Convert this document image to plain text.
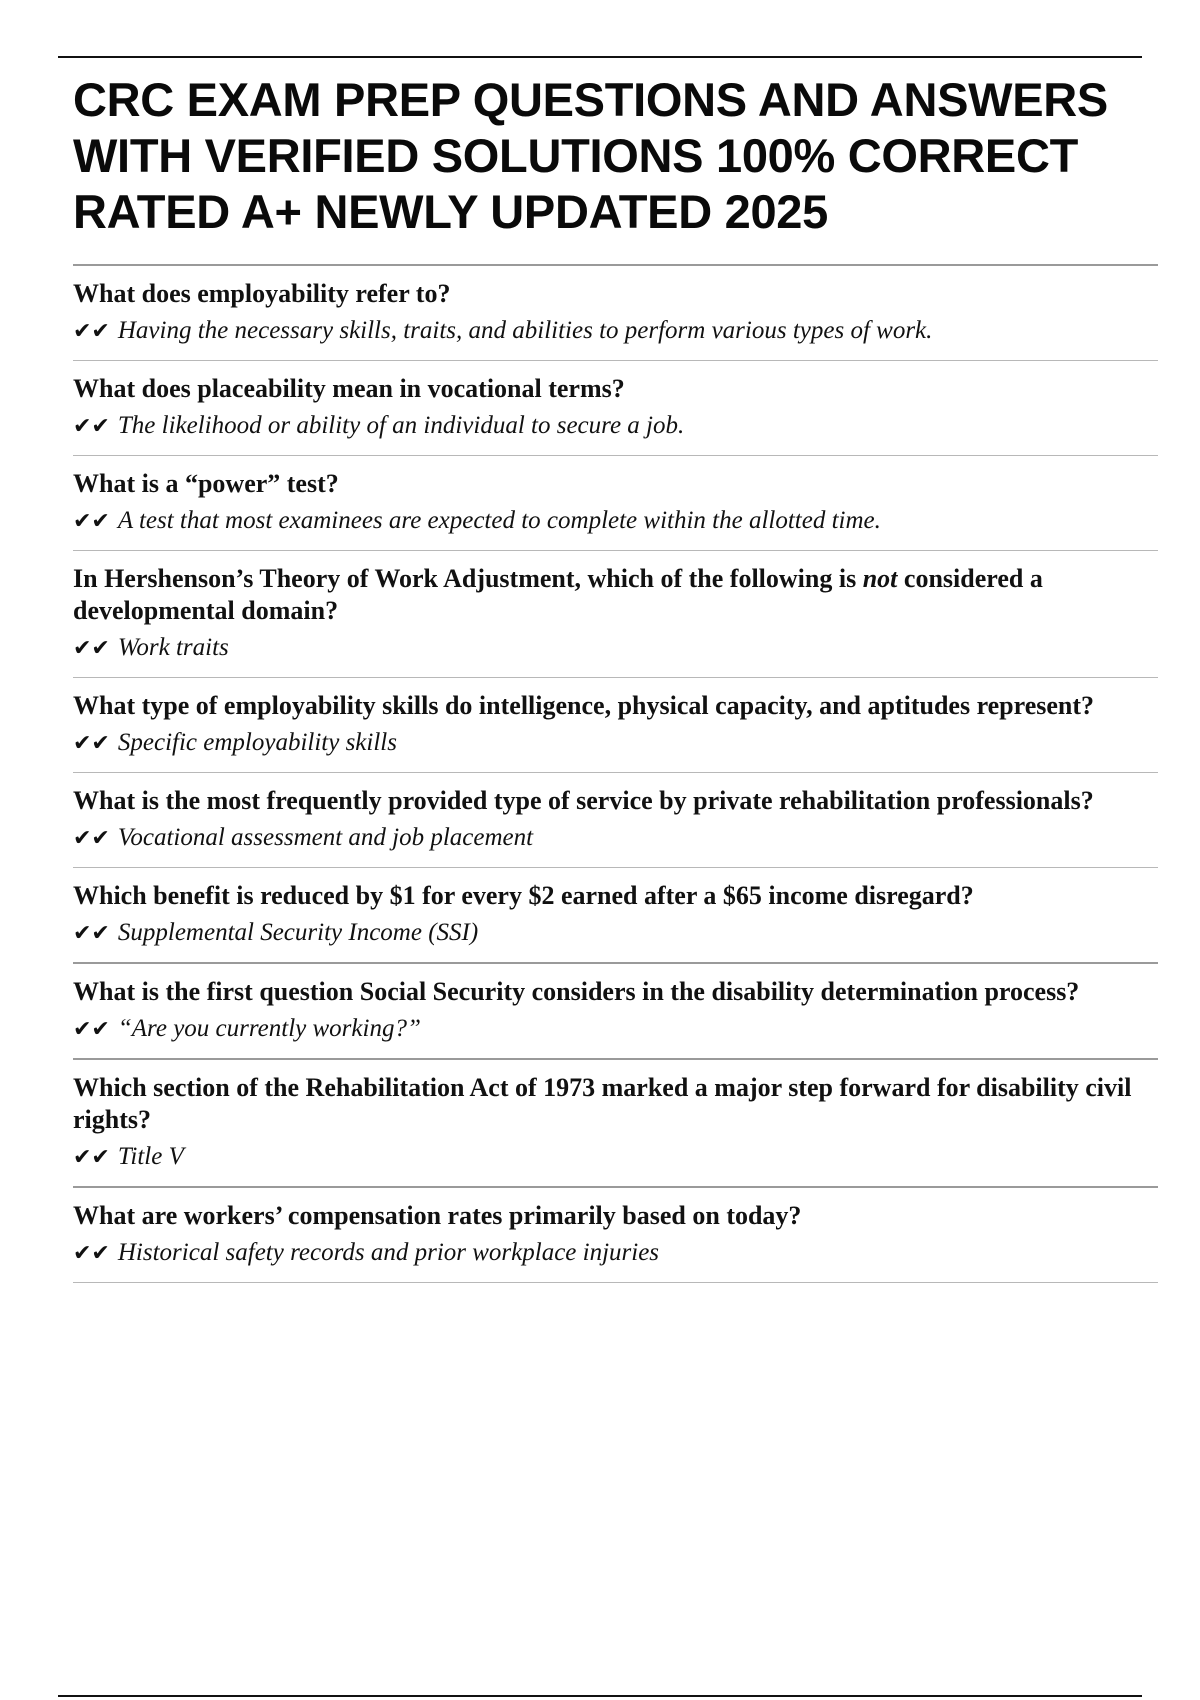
CRC EXAM PREP QUESTIONS AND ANSWERS WITH VERIFIED SOLUTIONS 100% CORRECT RATED A+ NEWLY UPDATED 2025

What does employability refer to?

✔✔ Having the necessary skills, traits, and abilities to perform various types of work.

What does placeability mean in vocational terms?

✔✔ The likelihood or ability of an individual to secure a job.

What is a “power” test?

✔✔ A test that most examinees are expected to complete within the allotted time.

In Hershenson’s Theory of Work Adjustment, which of the following is not considered a developmental domain?

✔✔ Work traits

What type of employability skills do intelligence, physical capacity, and aptitudes represent?

✔✔ Specific employability skills

What is the most frequently provided type of service by private rehabilitation professionals?

✔✔ Vocational assessment and job placement

Which benefit is reduced by $1 for every $2 earned after a $65 income disregard?

✔✔ Supplemental Security Income (SSI)

What is the first question Social Security considers in the disability determination process?

✔✔ “Are you currently working?”

Which section of the Rehabilitation Act of 1973 marked a major step forward for disability civil rights?

✔✔ Title V

What are workers’ compensation rates primarily based on today?

✔✔ Historical safety records and prior workplace injuries
